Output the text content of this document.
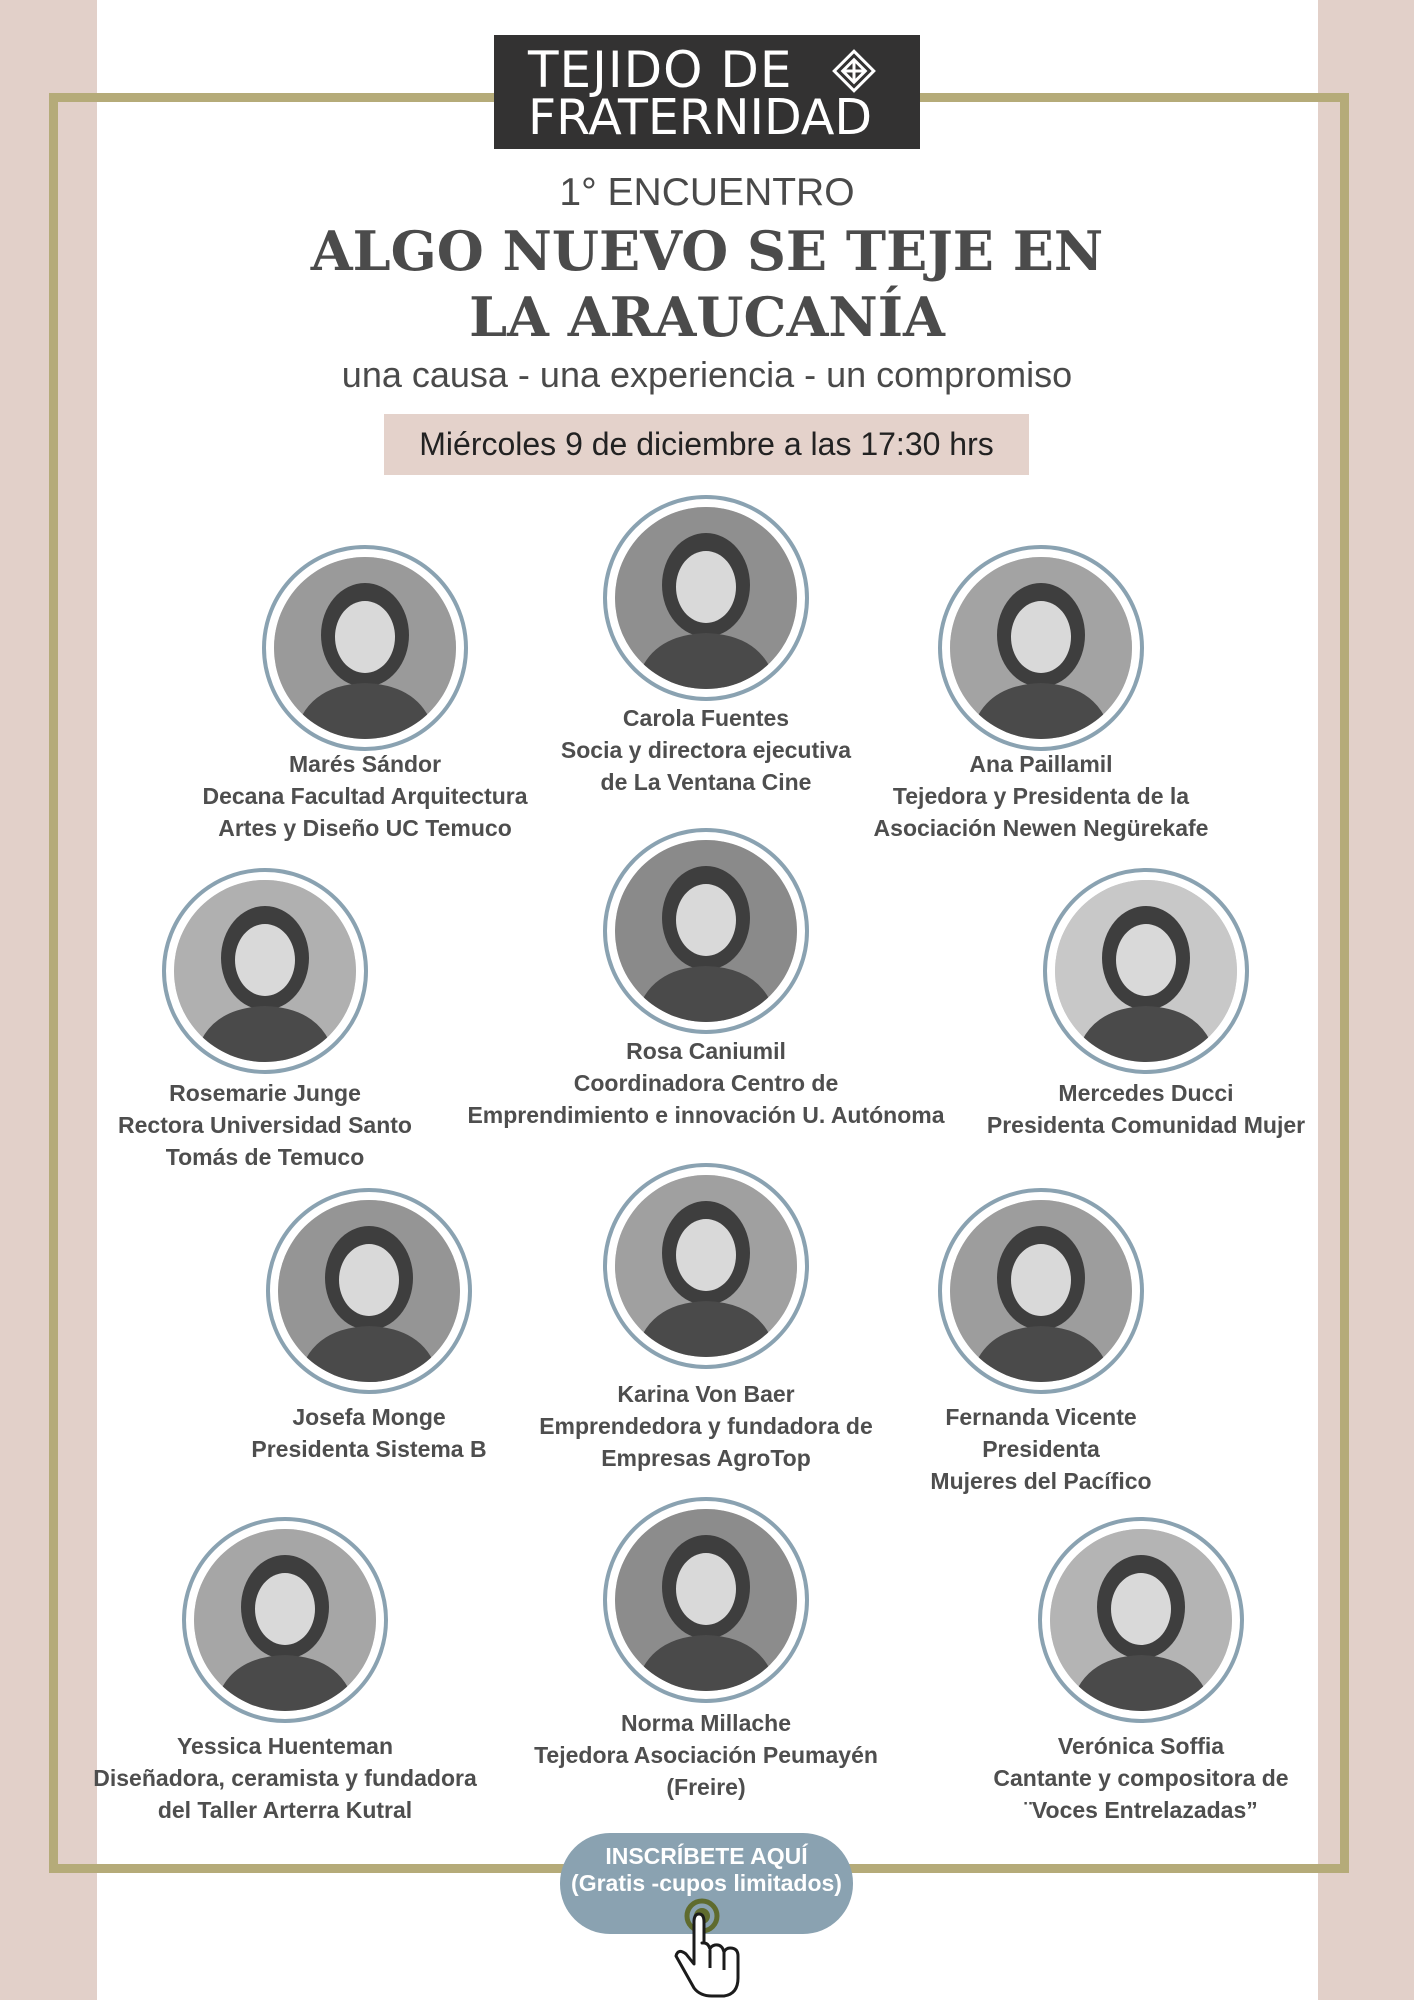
TEJIDO DE
FRATERNIDAD
1° ENCUENTRO
ALGO NUEVO SE TEJE EN
LA ARAUCANÍA
una causa - una experiencia - un compromiso
Miércoles 9 de diciembre a las 17:30 hrs
Marés Sándor
Decana Facultad Arquitectura
Artes y Diseño UC Temuco
Carola Fuentes
Socia y directora ejecutiva
de La Ventana Cine
Ana Paillamil
Tejedora y Presidenta de la
Asociación Newen Negürekafe
Rosemarie Junge
Rectora Universidad Santo
Tomás de Temuco
Rosa Caniumil
Coordinadora Centro de
Emprendimiento e innovación U. Autónoma
Mercedes Ducci
Presidenta Comunidad Mujer
Josefa Monge
Presidenta Sistema B
Karina Von Baer
Emprendedora y fundadora de
Empresas AgroTop
Fernanda Vicente
Presidenta
Mujeres del Pacífico
Yessica Huenteman
Diseñadora, ceramista y fundadora
del Taller Arterra Kutral
Norma Millache
Tejedora Asociación Peumayén
(Freire)
Verónica Soffia
Cantante y compositora de
¨Voces Entrelazadas”
INSCRÍBETE AQUÍ
(Gratis -cupos limitados)
